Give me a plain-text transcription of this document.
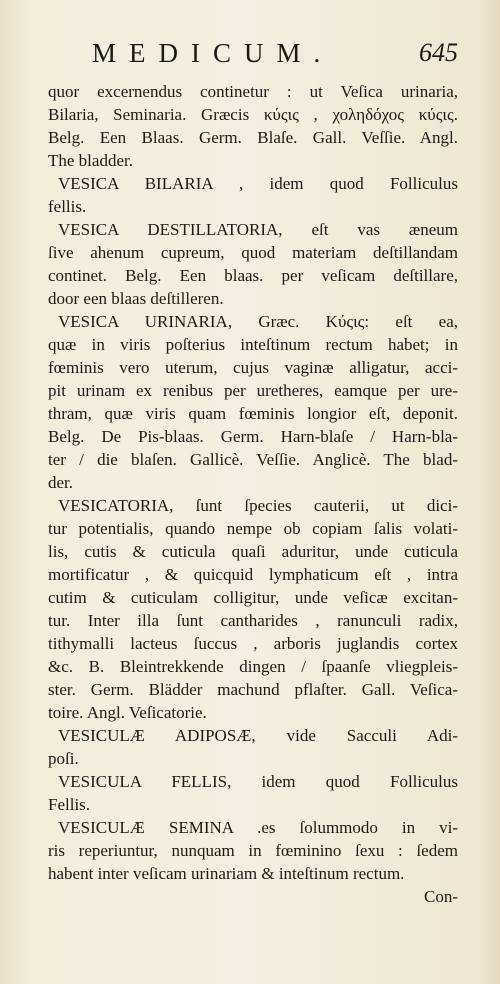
MEDICUM.	645
quor excernendus continetur : ut Veſica urinaria,
Bilaria, Seminaria. Græcis κύςις , χοληδόχος κύςις.
Belg. Een Blaas. Germ. Blaſe. Gall. Veſſie. Angl.
The bladder.
VESICA BILARIA , idem quod Folliculus
fellis.
VESICA DESTILLATORIA, eſt vas æneum
ſive ahenum cupreum, quod materiam deſtillandam
continet. Belg. Een blaas. per veſicam deſtillare,
door een blaas deſtilleren.
VESICA URINARIA, Græc. Κύςις: eſt ea,
quæ in viris poſterius inteſtinum rectum habet; in
fœminis vero uterum, cujus vaginæ alligatur, acci-
pit urinam ex renibus per uretheres, eamque per ure-
thram, quæ viris quam fœminis longior eſt, deponit.
Belg. De Pis-blaas. Germ. Harn-blaſe / Harn-bla-
ter / die blaſen. Gallicè. Veſſie. Anglicè. The blad-
der.
VESICATORIA, ſunt ſpecies cauterii, ut dici-
tur potentialis, quando nempe ob copiam ſalis volati-
lis, cutis & cuticula quaſi aduritur, unde cuticula
mortificatur , & quicquid lymphaticum eſt , intra
cutim & cuticulam colligitur, unde veſicæ excitan-
tur. Inter illa ſunt cantharides , ranunculi radix,
tithymalli lacteus ſuccus , arboris juglandis cortex
&c. B. Bleintrekkende dingen / ſpaanſe vliegpleis-
ster. Germ. Blädder machund pflaſter. Gall. Veſica-
toire. Angl. Veſicatorie.
VESICULÆ ADIPOSÆ, vide Sacculi Adi-
poſi.
VESICULA FELLIS, idem quod Folliculus
Fellis.
VESICULÆ SEMINA .es ſolummodo in vi-
ris reperiuntur, nunquam in fœminino ſexu : ſedem
habent inter veſicam urinariam & inteſtinum rectum.
Con-
